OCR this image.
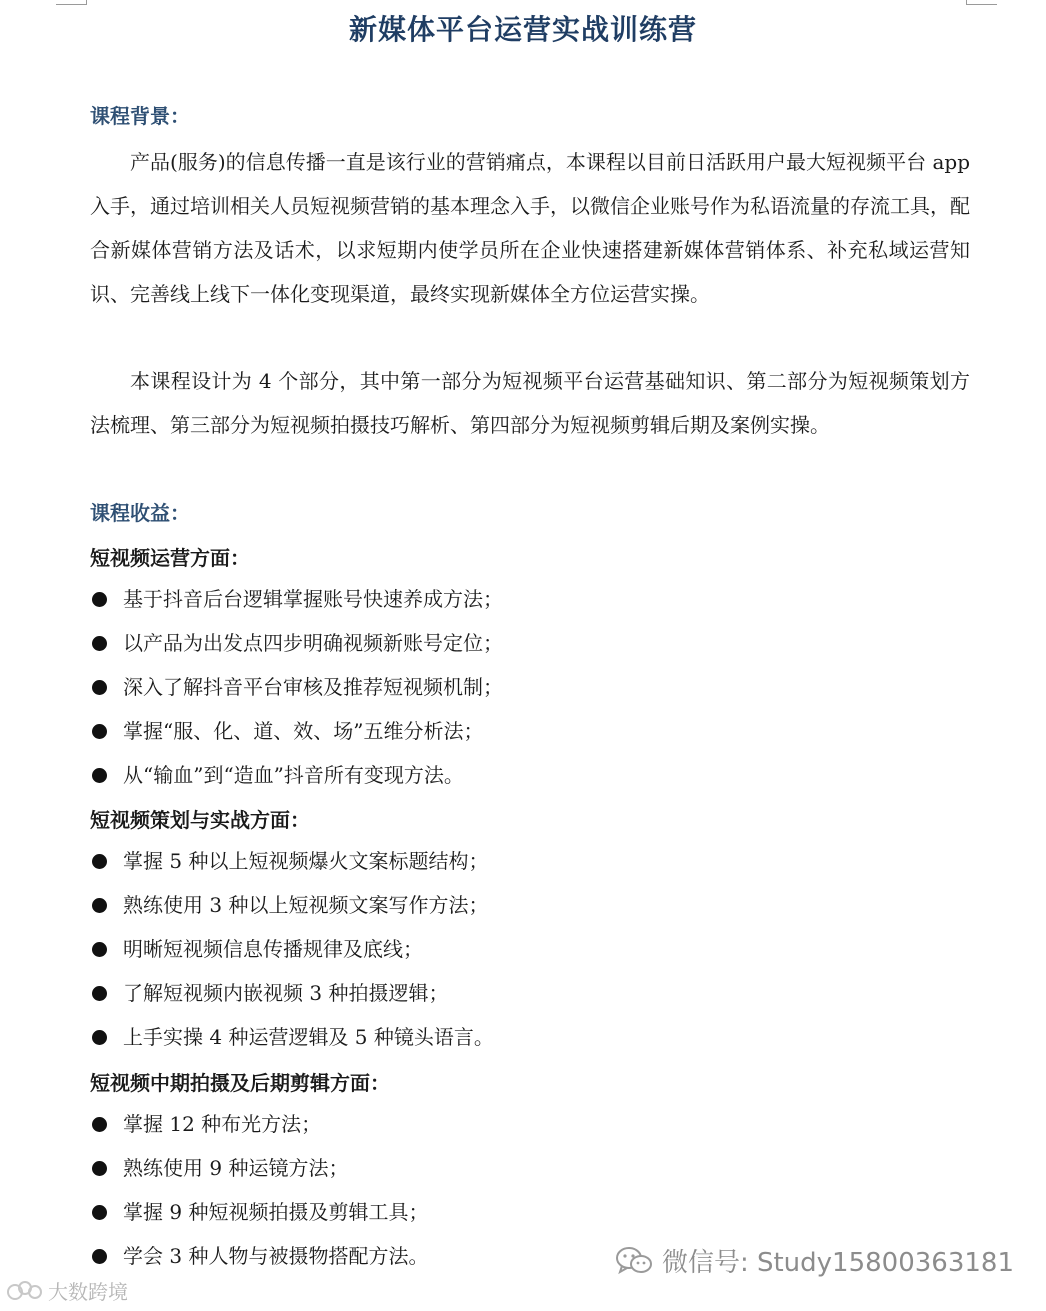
新媒体平台运营实战训练营
课程背景：

产品(服务)的信息传播一直是该行业的营销痛点，本课程以目前日活跃用户最大短视频平台 app 入手，通过培训相关人员短视频营销的基本理念入手，以微信企业账号作为私语流量的存流工具，配合新媒体营销方法及话术，以求短期内使学员所在企业快速搭建新媒体营销体系、补充私域运营知识、完善线上线下一体化变现渠道，最终实现新媒体全方位运营实操。

本课程设计为 4 个部分，其中第一部分为短视频平台运营基础知识、第二部分为短视频策划方法梳理、第三部分为短视频拍摄技巧解析、第四部分为短视频剪辑后期及案例实操。

课程收益：
短视频运营方面：
基于抖音后台逻辑掌握账号快速养成方法；
以产品为出发点四步明确视频新账号定位；
深入了解抖音平台审核及推荐短视频机制；
掌握“服、化、道、效、场”五维分析法；
从“输血”到“造血”抖音所有变现方法。
短视频策划与实战方面：
掌握 5 种以上短视频爆火文案标题结构；
熟练使用 3 种以上短视频文案写作方法；
明晰短视频信息传播规律及底线；
了解短视频内嵌视频 3 种拍摄逻辑；
上手实操 4 种运营逻辑及 5 种镜头语言。
短视频中期拍摄及后期剪辑方面：
掌握 12 种布光方法；
熟练使用 9 种运镜方法；
掌握 9 种短视频拍摄及剪辑工具；
学会 3 种人物与被摄物搭配方法。	微信号: Study15800363181
大数跨境
